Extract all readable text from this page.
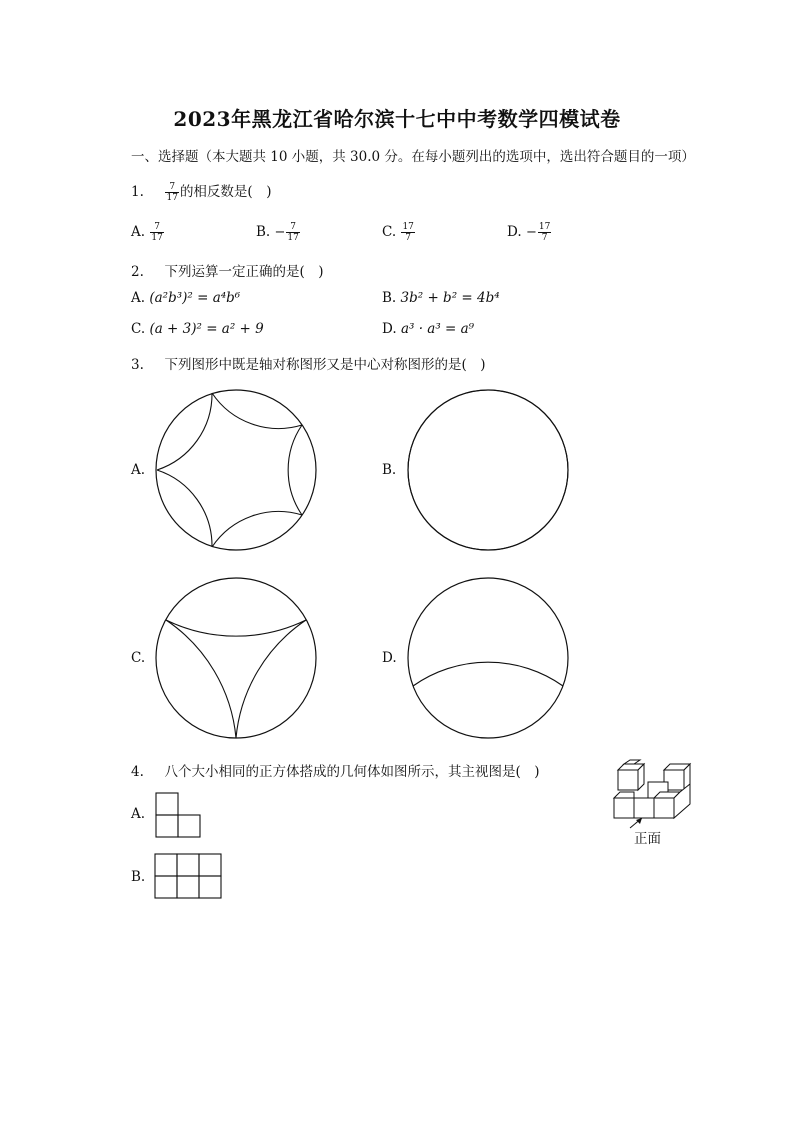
2023年黑龙江省哈尔滨十七中中考数学四模试卷
一、选择题（本大题共 10 小题，共 30.0 分。在每小题列出的选项中，选出符合题目的一项）
1. $\frac{7}{17}$ 的相反数是(　)
A. $\frac{7}{17}$	B. − $\frac{7}{17}$	C. $\frac{17}{7}$	D. − $\frac{17}{7}$
2. 下列运算一定正确的是(　)
A. (a²b³)² = a⁴b⁶	B. 3b² + b² = 4b⁴
C. (a + 3)² = a² + 9	D. a³ · a³ = a⁹
3. 下列图形中既是轴对称图形又是中心对称图形的是(　)
A.	B.
C.	D.
4. 八个大小相同的正方体搭成的几何体如图所示，其主视图是(　)
正面
A.
B.
